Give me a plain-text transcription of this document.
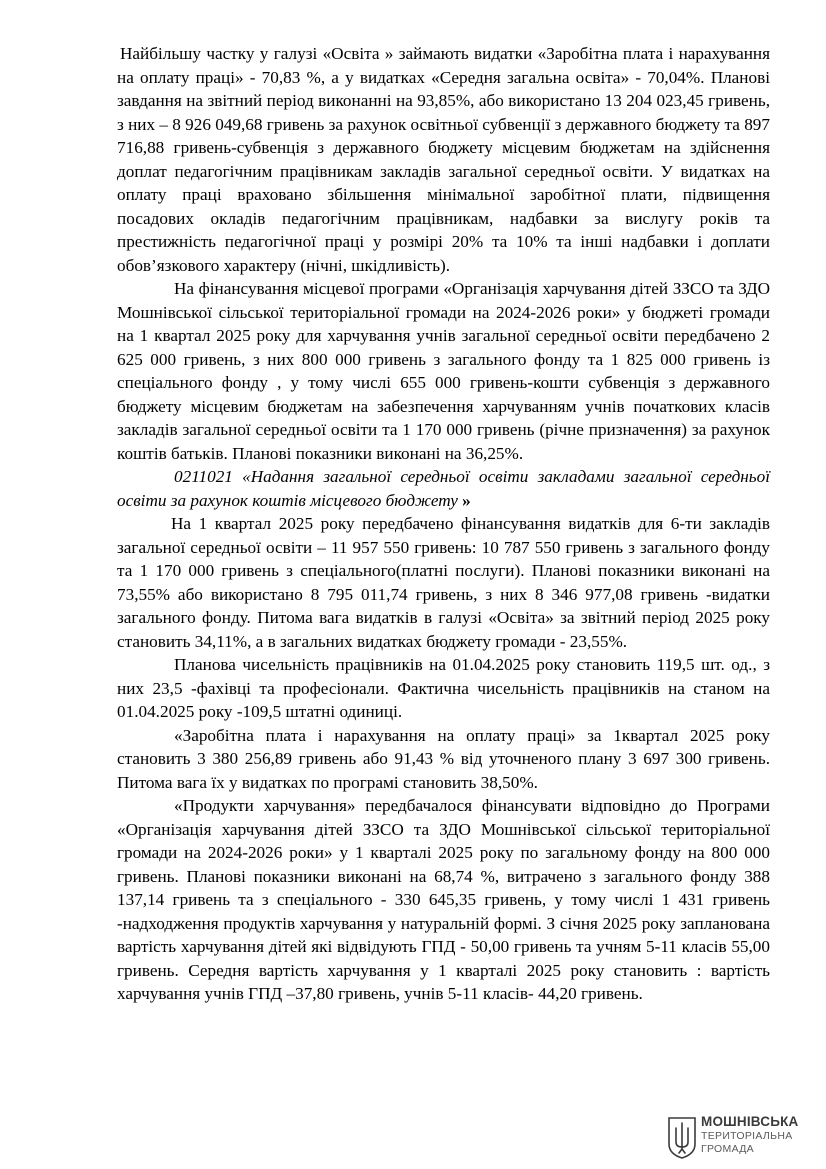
Найбільшу частку у галузі «Освіта » займають видатки «Заробітна плата і нарахування на оплату праці» - 70,83 %, а у видатках «Середня загальна освіта» - 70,04%. Планові завдання на звітний період виконанні на 93,85%, або використано 13 204 023,45 гривень, з них – 8 926 049,68 гривень за рахунок освітньої субвенції з державного бюджету та 897 716,88 гривень-субвенція з державного бюджету місцевим бюджетам на здійснення доплат педагогічним працівникам закладів загальної середньої освіти. У видатках на оплату праці враховано збільшення мінімальної заробітної плати, підвищення посадових окладів педагогічним працівникам, надбавки за вислугу років та престижність педагогічної праці у розмірі 20% та 10% та інші надбавки і доплати обов’язкового характеру (нічні, шкідливість).

На фінансування місцевої програми «Організація харчування дітей ЗЗСО та ЗДО Мошнівської сільської територіальної громади на 2024-2026 роки» у бюджеті громади на 1 квартал 2025 року для харчування учнів загальної середньої освіти передбачено 2 625 000 гривень, з них 800 000 гривень з загального фонду та 1 825 000 гривень із спеціального фонду , у тому числі 655 000 гривень-кошти субвенція з державного бюджету місцевим бюджетам на забезпечення харчуванням учнів початкових класів закладів загальної середньої освіти та 1 170 000 гривень (річне призначення) за рахунок коштів батьків. Планові показники виконані на 36,25%.

0211021 «Надання загальної середньої освіти закладами загальної середньої освіти за рахунок коштів місцевого бюджету »

На 1 квартал 2025 року передбачено фінансування видатків для 6-ти закладів загальної середньої освіти – 11 957 550 гривень: 10 787 550 гривень з загального фонду та 1 170 000 гривень з спеціального(платні послуги). Планові показники виконані на 73,55% або використано 8 795 011,74 гривень, з них 8 346 977,08 гривень -видатки загального фонду. Питома вага видатків в галузі «Освіта» за звітний період 2025 року становить 34,11%, а в загальних видатках бюджету громади - 23,55%.

Планова чисельність працівників на 01.04.2025 року становить 119,5 шт. од., з них 23,5 -фахівці та професіонали. Фактична чисельність працівників на станом на 01.04.2025 року -109,5 штатні одиниці.

«Заробітна плата і нарахування на оплату праці» за 1квартал 2025 року становить 3 380 256,89 гривень або 91,43 % від уточненого плану 3 697 300 гривень. Питома вага їх у видатках по програмі становить 38,50%.

«Продукти харчування» передбачалося фінансувати відповідно до Програми «Організація харчування дітей ЗЗСО та ЗДО Мошнівської сільської територіальної громади на 2024-2026 роки» у 1 кварталі 2025 року по загальному фонду на 800 000 гривень. Планові показники виконані на 68,74 %, витрачено з загального фонду 388 137,14 гривень та з спеціального - 330 645,35 гривень, у тому числі 1 431 гривень -надходження продуктів харчування у натуральній формі. З січня 2025 року запланована вартість харчування дітей які відвідують ГПД - 50,00 гривень та учням 5-11 класів 55,00 гривень. Середня вартість харчування у 1 кварталі 2025 року становить : вартість харчування учнів ГПД –37,80 гривень, учнів 5-11 класів- 44,20 гривень.

МОШНІВСЬКА
ТЕРИТОРІАЛЬНА
ГРОМАДА
